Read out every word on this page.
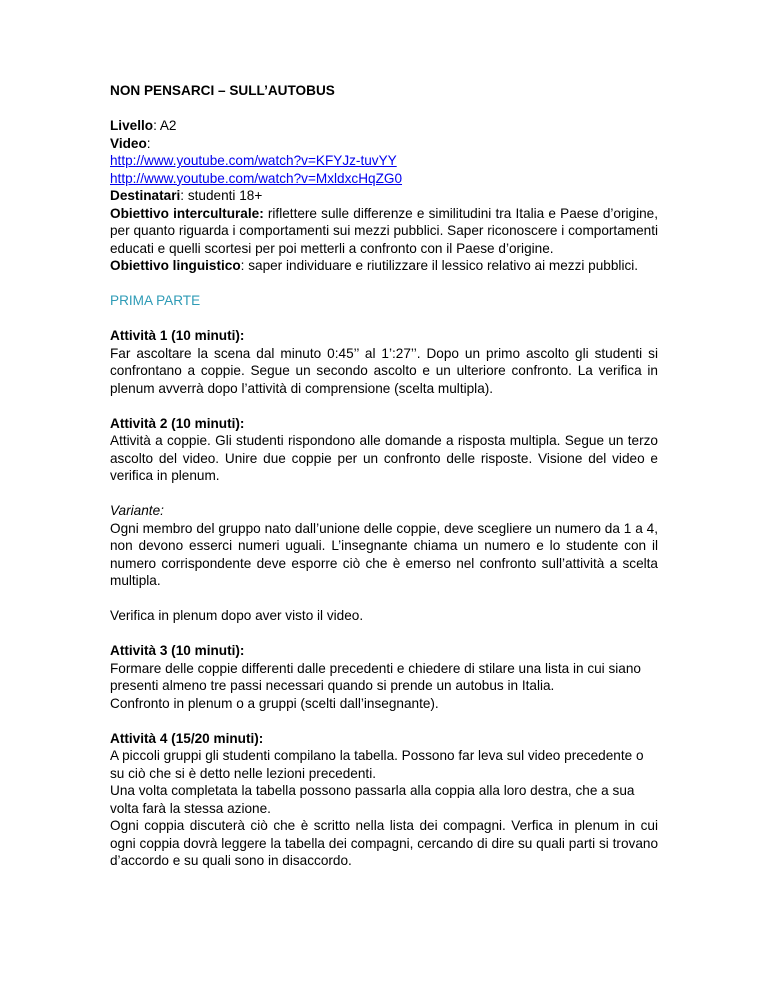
NON PENSARCI – SULL’AUTOBUS

Livello: A2

Video:

http://www.youtube.com/watch?v=KFYJz-tuvYY
http://www.youtube.com/watch?v=MxldxcHqZG0

Destinatari: studenti 18+

Obiettivo interculturale: riflettere sulle differenze e similitudini tra Italia e Paese d’origine, per quanto riguarda i comportamenti sui mezzi pubblici. Saper riconoscere i comportamenti educati e quelli scortesi per poi metterli a confronto con il Paese d’origine.

Obiettivo linguistico: saper individuare e riutilizzare il lessico relativo ai mezzi pubblici.

PRIMA PARTE

Attività 1 (10 minuti):

Far ascoltare la scena dal minuto 0:45’’ al 1’:27’’. Dopo un primo ascolto gli studenti si confrontano a coppie. Segue un secondo ascolto e un ulteriore confronto. La verifica in plenum avverrà dopo l’attività di comprensione (scelta multipla).

Attività 2 (10 minuti):

Attività a coppie. Gli studenti rispondono alle domande a risposta multipla. Segue un terzo ascolto del video. Unire due coppie per un confronto delle risposte. Visione del video e verifica in plenum.

Variante:

Ogni membro del gruppo nato dall’unione delle coppie, deve scegliere un numero da 1 a 4, non devono esserci numeri uguali. L’insegnante chiama un numero e lo studente con il numero corrispondente deve esporre ciò che è emerso nel confronto sull’attività a scelta multipla.

Verifica in plenum dopo aver visto il video.

Attività 3 (10 minuti):

Formare delle coppie differenti dalle precedenti e chiedere di stilare una lista in cui siano presenti almeno tre passi necessari quando si prende un autobus in Italia.

Confronto in plenum o a gruppi (scelti dall’insegnante).

Attività 4 (15/20 minuti):

A piccoli gruppi gli studenti compilano la tabella. Possono far leva sul video precedente o su ciò che si è detto nelle lezioni precedenti.

Una volta completata la tabella possono passarla alla coppia alla loro destra, che a sua volta farà la stessa azione.

Ogni coppia discuterà ciò che è scritto nella lista dei compagni. Verfica in plenum in cui ogni coppia dovrà leggere la tabella dei compagni, cercando di dire su quali parti si trovano d’accordo e su quali sono in disaccordo.
